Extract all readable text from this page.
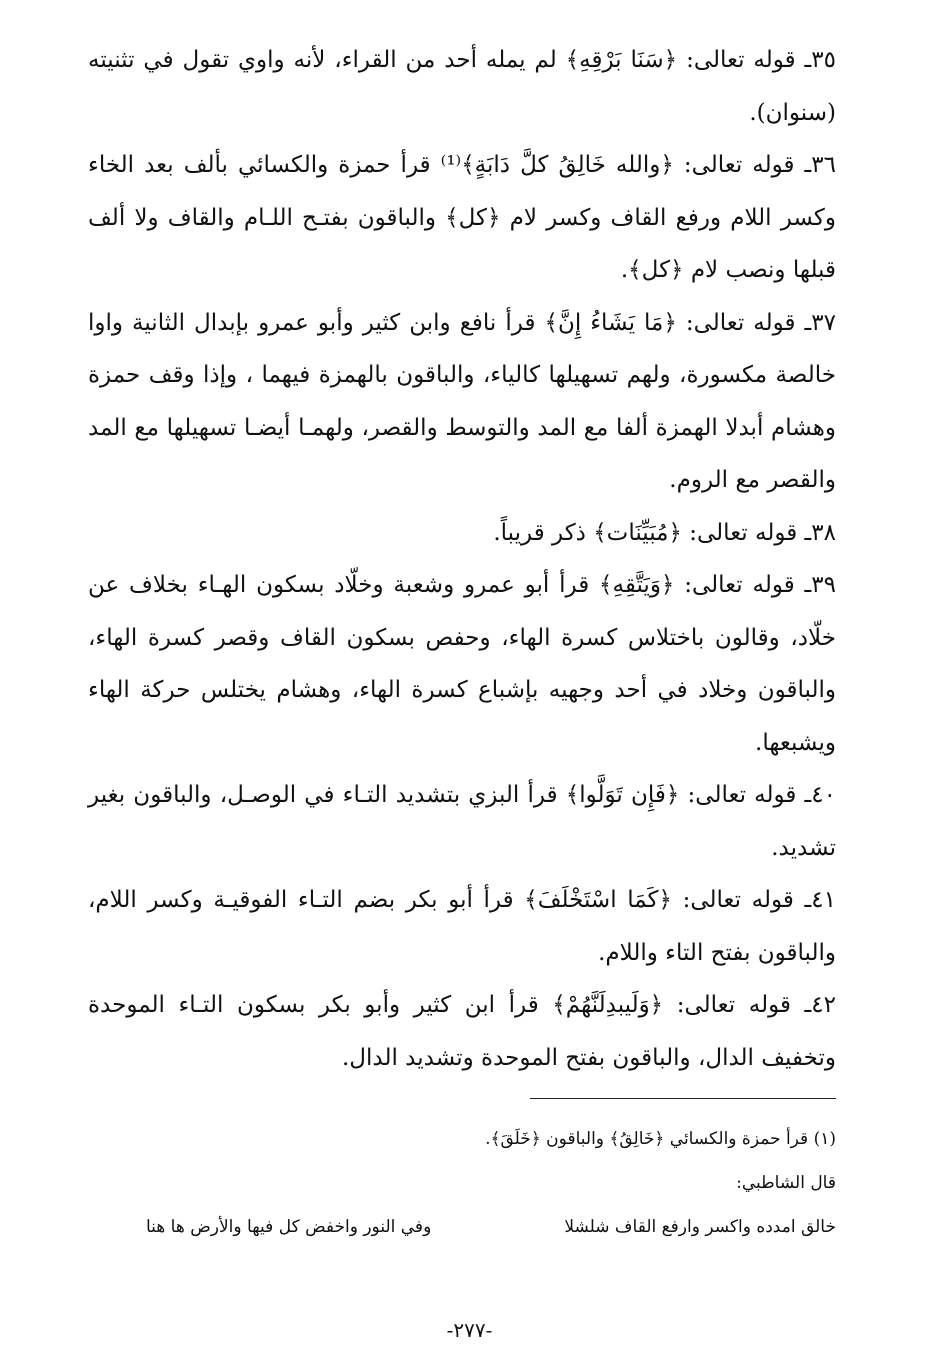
٣٥ـ قوله تعالى: ﴿سَنَا بَرْقِهِ﴾ لم يمله أحد من القراء، لأنه واوي تقول في تثنيته (سنوان).

٣٦ـ قوله تعالى: ﴿والله خَالِقُ كلَّ دَابَةٍ﴾⁽¹⁾ قرأ حمزة والكسائي بألف بعد الخاء وكسر اللام ورفع القاف وكسر لام ﴿كل﴾ والباقون بفتـح اللـام والقاف ولا ألف قبلها ونصب لام ﴿كل﴾.

٣٧ـ قوله تعالى: ﴿مَا يَشَاءُ إِنَّ﴾ قرأ نافع وابن كثير وأبو عمرو بإبدال الثانية واوا خالصة مكسورة، ولهم تسهيلها كالياء، والباقون بالهمزة فيهما ، وإذا وقف حمزة وهشام أبدلا الهمزة ألفا مع المد والتوسط والقصر، ولهمـا أيضـا تسهيلها مع المد والقصر مع الروم.

٣٨ـ قوله تعالى: ﴿مُبَيِّنَات﴾ ذكر قريباً.

٣٩ـ قوله تعالى: ﴿وَيَتَّقِهِ﴾ قرأ أبو عمرو وشعبة وخلّاد بسكون الهـاء بخلاف عن خلّاد، وقالون باختلاس كسرة الهاء، وحفص بسكون القاف وقصر كسرة الهاء، والباقون وخلاد في أحد وجهيه بإشباع كسرة الهاء، وهشام يختلس حركة الهاء ويشبعها.

٤٠ـ قوله تعالى: ﴿فَإِن تَوَلَّوا﴾ قرأ البزي بتشديد التـاء في الوصـل، والباقون بغير تشديد.

٤١ـ قوله تعالى: ﴿كَمَا اسْتَخْلَفَ﴾ قرأ أبو بكر بضم التـاء الفوقيـة وكسر اللام، والباقون بفتح التاء واللام.

٤٢ـ قوله تعالى: ﴿وَلَيبدِلَنَّهُمْ﴾ قرأ ابن كثير وأبو بكر بسكون التـاء الموحدة وتخفيف الدال، والباقون بفتح الموحدة وتشديد الدال.

(١) قرأ حمزة والكسائي ﴿خَالِقُ﴾ والباقون ﴿خَلَقَ﴾.

قال الشاطبي:

خالق امدده واكسر وارفع القاف شلشلا
وفي النور واخفض كل فيها والأرض ها هنا
-٢٧٧-
